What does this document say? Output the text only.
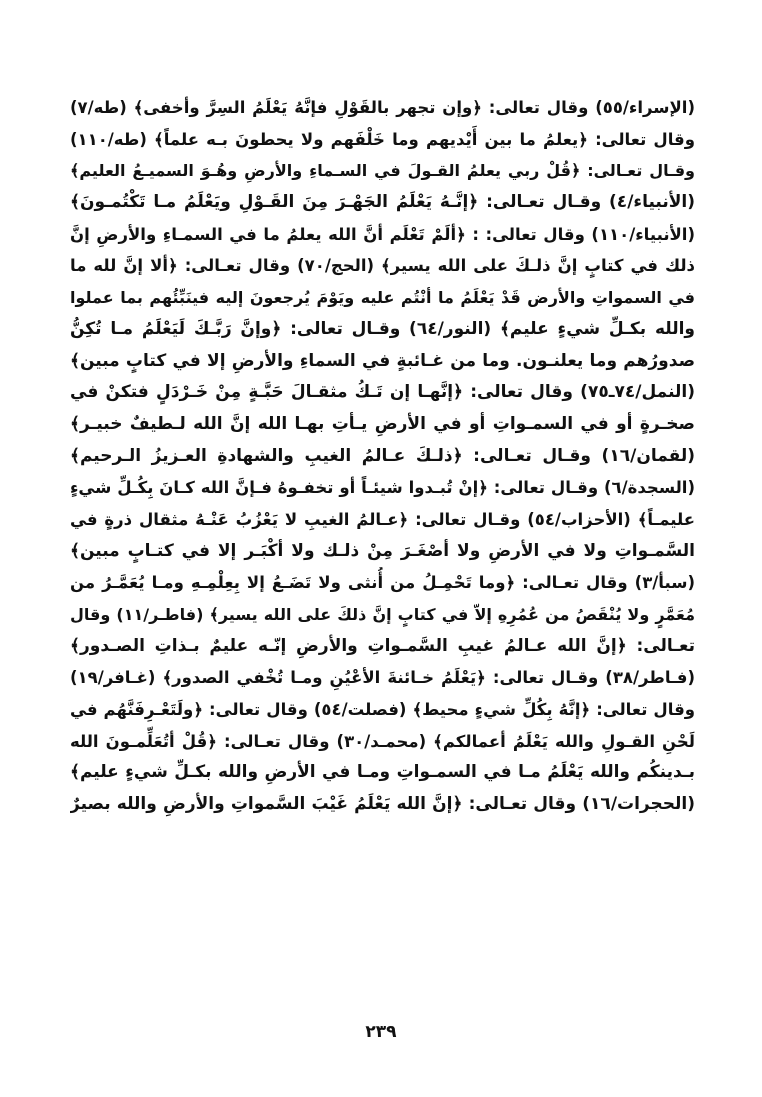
(الإسراء/٥٥) وقال تعالى: ﴿وإن تجهر بالقَوْلِ فإنَّهُ يَعْلَمُ السِرَّ وأخفى﴾ (طه/٧)
وقال تعالى: ﴿يعلمُ ما بين أَيْديهم وما خَلْفَهم ولا يحطونَ بـه علماً﴾ (طه/١١٠)
وقـال تعـالى: ﴿قُلْ ربي يعلمُ القـولَ في السـماءِ والأرضِ وهُـوَ السميـعُ العليم﴾
(الأنبياء/٤) وقـال تعـالى: ﴿إنَّـهُ يَعْلَمُ الجَهْـرَ مِنَ القَـوْلِ ويَعْلَمُ مـا تَكْتُمـونَ﴾
(الأنبياء/١١٠) وقال تعالى: : ﴿ألَمْ تَعْلَم أنَّ الله يعلمُ ما في السمـاءِ والأرضِ إنَّ
ذلك في كتابٍ إنَّ ذلـكَ على الله يسير﴾ (الحج/٧٠) وقال تعـالى: ﴿ألا إنَّ لله ما
في السمواتِ والأرض قَدْ يَعْلَمُ ما أنْتُم عليه ويَوْمَ يُرجعونَ إليه فينَبِّئُهم بما عملوا
والله بكـلِّ شيءٍ عليم﴾ (النور/٦٤) وقـال تعالى: ﴿وإنَّ رَبَّـكَ لَيَعْلَمُ مـا تُكِنُّ
صدورُهم وما يعلنـون. وما من غـائبةٍ في السماءِ والأرضِ إلا في كتابٍ مبين﴾
(النمل/٧٤ـ٧٥) وقال تعالى: ﴿إنَّهـا إن تَـكُ مثقـالَ حَبَّـةٍ مِنْ خَـرْدَلٍ فتكنْ في
صخـرةٍ أو في السمـواتِ أو في الأرضِ يـأتِ بهـا الله إنَّ الله لـطيفٌ خبيـر﴾
(لقمان/١٦) وقـال تعـالى: ﴿ذلـكَ عـالمُ الغيبِ والشهادةِ العـزيزُ الـرحيم﴾
(السجدة/٦) وقـال تعالى: ﴿إنْ تُبـدوا شيئـاً أو تخفـوهُ فـإنَّ الله كـانَ بِكُـلِّ شيءٍ
عليمـاً﴾ (الأحزاب/٥٤) وقـال تعالى: ﴿عـالمُ الغيبِ لا يَعْزُبُ عَنْـهُ مثقال ذرةٍ في
السَّمـواتِ ولا في الأرضِ ولا أصْغَـرَ مِنْ ذلـك ولا أكْبَـر إلا في كتـابٍ مبين﴾
(سبأ/٣) وقال تعـالى: ﴿وما تَحْمِـلُ من أُنثى ولا تَضَـعُ إلا بِعِلْمِـهِ ومـا يُعَمَّـرُ من
مُعَمَّرٍ ولا يُنْقَصُ من عُمُرِهِ إلاّ في كتابٍ إنَّ ذلكَ على الله يسير﴾ (فاطـر/١١) وقال
تعـالى: ﴿إنَّ الله عـالمُ غيبِ السَّمـواتِ والأرضِ إنّـه عليمٌ بـذاتِ الصـدور﴾
(فـاطر/٣٨) وقـال تعالى: ﴿يَعْلَمُ خـائنةَ الأعْيُنِ ومـا تُخْفي الصدور﴾ (غـافر/١٩)
وقال تعالى: ﴿إنَّهُ بِكُلِّ شيءٍ محيط﴾ (فصلت/٥٤) وقال تعالى: ﴿ولَتَعْـرِفَنَّهُم في
لَحْنِ القـولِ والله يَعْلَمُ أعمالكم﴾ (محمـد/٣٠) وقال تعـالى: ﴿قُلْ أتُعَلِّمـونَ الله
بـدينكُم والله يَعْلَمُ مـا في السمـواتِ ومـا في الأرضِ والله بكـلِّ شيءٍ عليم﴾
(الحجرات/١٦) وقال تعـالى: ﴿إنَّ الله يَعْلَمُ غَيْبَ السَّمواتِ والأرضِ والله بصيرٌ
٢٣٩
